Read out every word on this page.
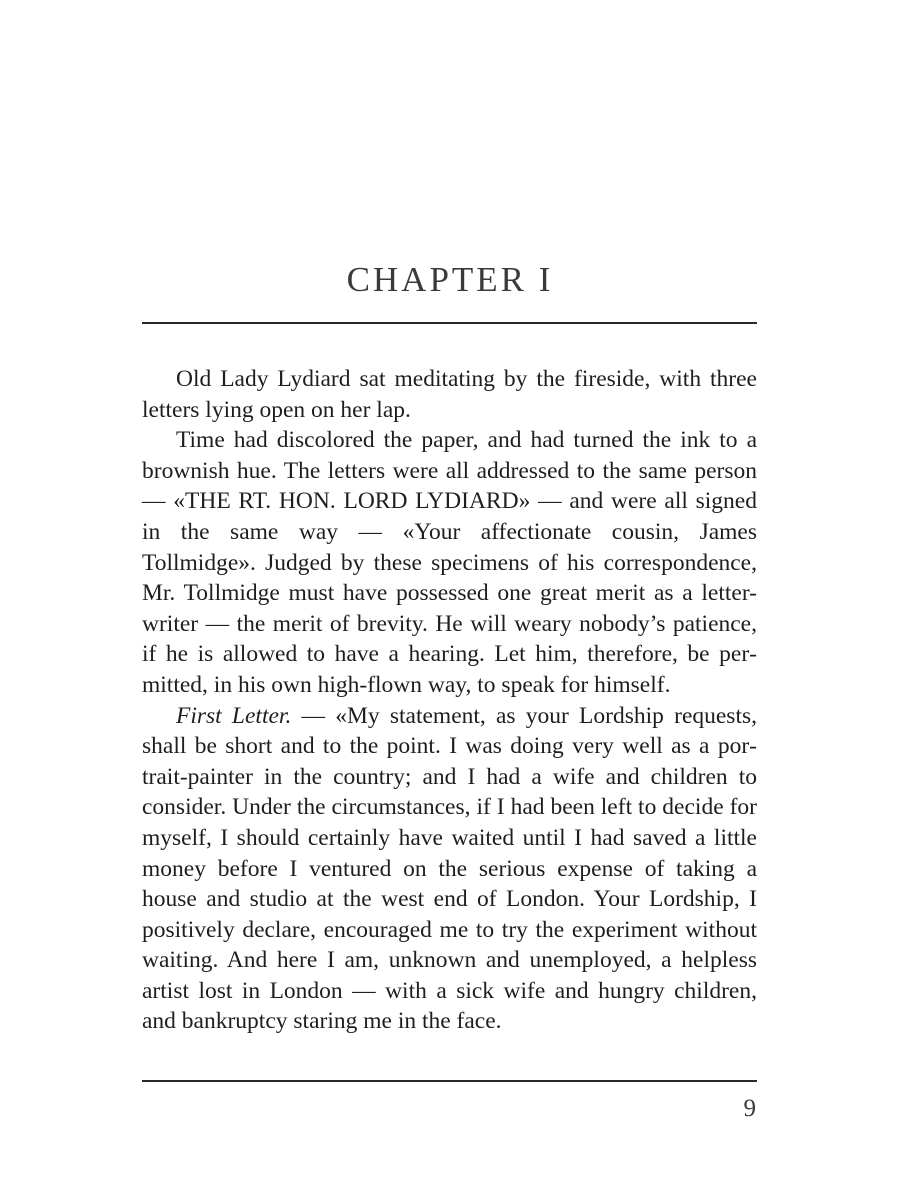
CHAPTER I

Old Lady Lydiard sat meditating by the fireside, with three letters lying open on her lap.

Time had discolored the paper, and had turned the ink to a brownish hue. The letters were all addressed to the same person — «THE RT. HON. LORD LYDIARD» — and were all signed in the same way — «Your affectionate cousin, James Tollmidge». Judged by these specimens of his correspondence, Mr. Tollmidge must have possessed one great merit as a letter-writer — the merit of brevity. He will weary nobody’s patience, if he is allowed to have a hearing. Let him, therefore, be permitted, in his own high-flown way, to speak for himself.

First Letter. — «My statement, as your Lordship requests, shall be short and to the point. I was doing very well as a portrait-painter in the country; and I had a wife and children to consider. Under the circumstances, if I had been left to decide for myself, I should certainly have waited until I had saved a little money before I ventured on the serious expense of taking a house and studio at the west end of London. Your Lordship, I positively declare, encouraged me to try the experiment without waiting. And here I am, unknown and unemployed, a helpless artist lost in London — with a sick wife and hungry children, and bankruptcy staring me in the face.

9
